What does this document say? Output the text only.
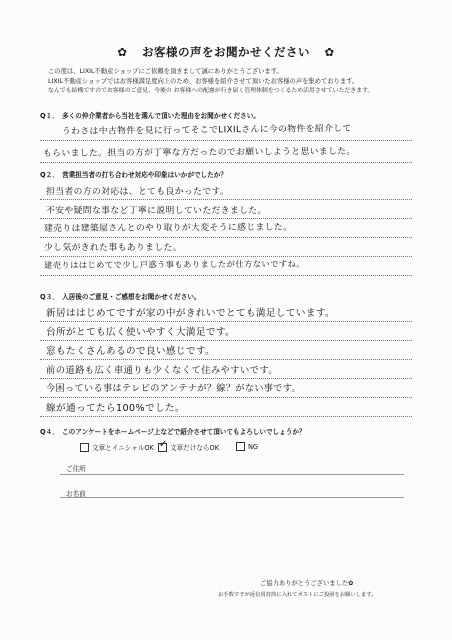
✿ お客様の声をお聞かせください ✿
この度は、LIXIL不動産ショップにご依頼を頂きまして誠にありがとうございます。
LIXIL不動産ショップではお客様満足度向上のため、お客様を紹介させて頂いたお客様の声を集めております。
なんでも結構ですのでお客様のご意見、今後の お客様への配慮が行き届く管理体制をつくるため活用させていただきます。
Q１．　多くの仲介業者から当社を選んで頂いた理由をお聞かせください。
うわさは中古物件を見に行ってそこでLIXILさんに今の物件を紹介して
もらいました。担当の方が丁寧な方だったのでお願いしようと思いました。
Q２．　営業担当者の打ち合わせ対応や印象はいかがでしたか？
担当者の方の対応は、とても良かったです。
不安や疑問な事など丁寧に説明していただきました。
建売りは建築屋さんとのやり取りが大変そうに感じました。
少し気がきれた事もありました。
建売りははじめてで少し戸惑う事もありましたが仕方ないですね。
Q３．　入居後のご意見・ご感想をお聞かせください。
新居ははじめてですが家の中がきれいでとても満足しています。
台所がとても広く使いやすく大満足です。
窓もたくさんあるので良い感じです。
前の道路も広く車通りも少くなくて住みやすいです。
今困っている事はテレビのアンテナが？線？がない事です。
線が通ってたら100%でした。
Q４．　このアンケートをホームページ上などで紹介させて頂いてもよろしいでしょうか？
文章とイニシャルOK ✓ 文章だけならOK	NG
ご住所
お名前
ご協力ありがとうございました✿
お手数ですが返信用封筒に入れてポストにご投函をお願いします。
